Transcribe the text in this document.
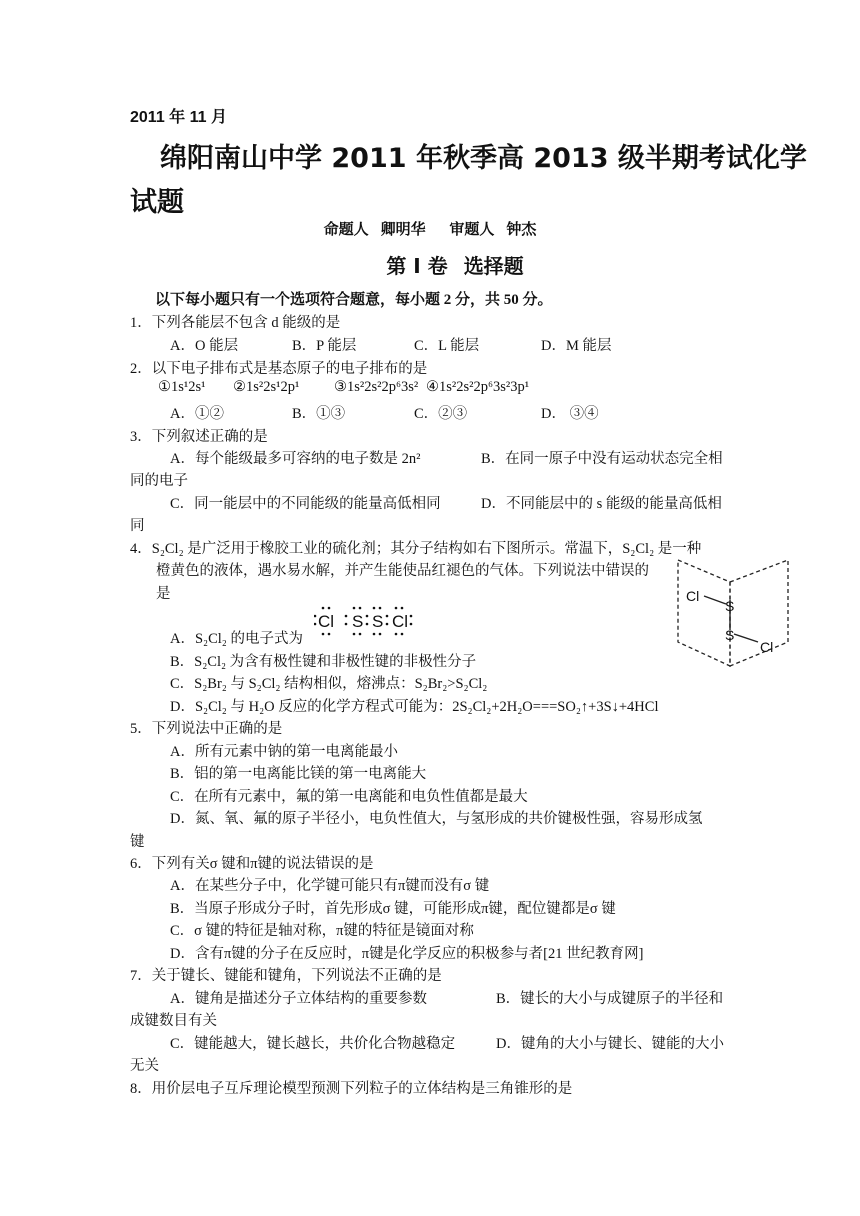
2011 年 11 月
绵阳南山中学 2011 年秋季高 2013 级半期考试化学
试题
命题人 卿明华 审题人 钟杰
第 I 卷 选择题
以下每小题只有一个选项符合题意，每小题 2 分，共 50 分。
1．下列各能层不包含 d 能级的是
A．O 能层	B．P 能层	C．L 能层	D．M 能层
2．以下电子排布式是基态原子的电子排布的是
①1s¹2s¹ ②1s²2s¹2p¹ ③1s²2s²2p⁶3s² ④1s²2s²2p⁶3s²3p¹
A．①②	B．①③	C．②③	D． ③④
3．下列叙述正确的是
A．每个能级最多可容纳的电子数是 2n²	B．在同一原子中没有运动状态完全相
同的电子
C．同一能层中的不同能级的能量高低相同	D．不同能层中的 s 能级的能量高低相
同
4．S₂Cl₂ 是广泛用于橡胶工业的硫化剂；其分子结构如右下图所示。常温下，S₂Cl₂ 是一种
橙黄色的液体，遇水易水解，并产生能使品红褪色的气体。下列说法中错误的
是
A．S₂Cl₂ 的电子式为
Cl S S Cl
Cl
S
S
Cl
B．S₂Cl₂ 为含有极性键和非极性键的非极性分子
C．S₂Br₂ 与 S₂Cl₂ 结构相似，熔沸点：S₂Br₂>S₂Cl₂
D．S₂Cl₂ 与 H₂O 反应的化学方程式可能为：2S₂Cl₂+2H₂O===SO₂↑+3S↓+4HCl
5．下列说法中正确的是
A．所有元素中钠的第一电离能最小
B．铝的第一电离能比镁的第一电离能大
C．在所有元素中，氟的第一电离能和电负性值都是最大
D．氮、氧、氟的原子半径小，电负性值大，与氢形成的共价键极性强，容易形成氢
键
6．下列有关σ 键和π键的说法错误的是
A．在某些分子中，化学键可能只有π键而没有σ 键
B．当原子形成分子时，首先形成σ 键，可能形成π键，配位键都是σ 键
C．σ 键的特征是轴对称，π键的特征是镜面对称
D．含有π键的分子在反应时，π键是化学反应的积极参与者[21 世纪教育网]
7．关于键长、键能和键角，下列说法不正确的是
A．键角是描述分子立体结构的重要参数	B．键长的大小与成键原子的半径和
成键数目有关
C．键能越大，键长越长，共价化合物越稳定	D．键角的大小与键长、键能的大小
无关
8．用价层电子互斥理论模型预测下列粒子的立体结构是三角锥形的是
